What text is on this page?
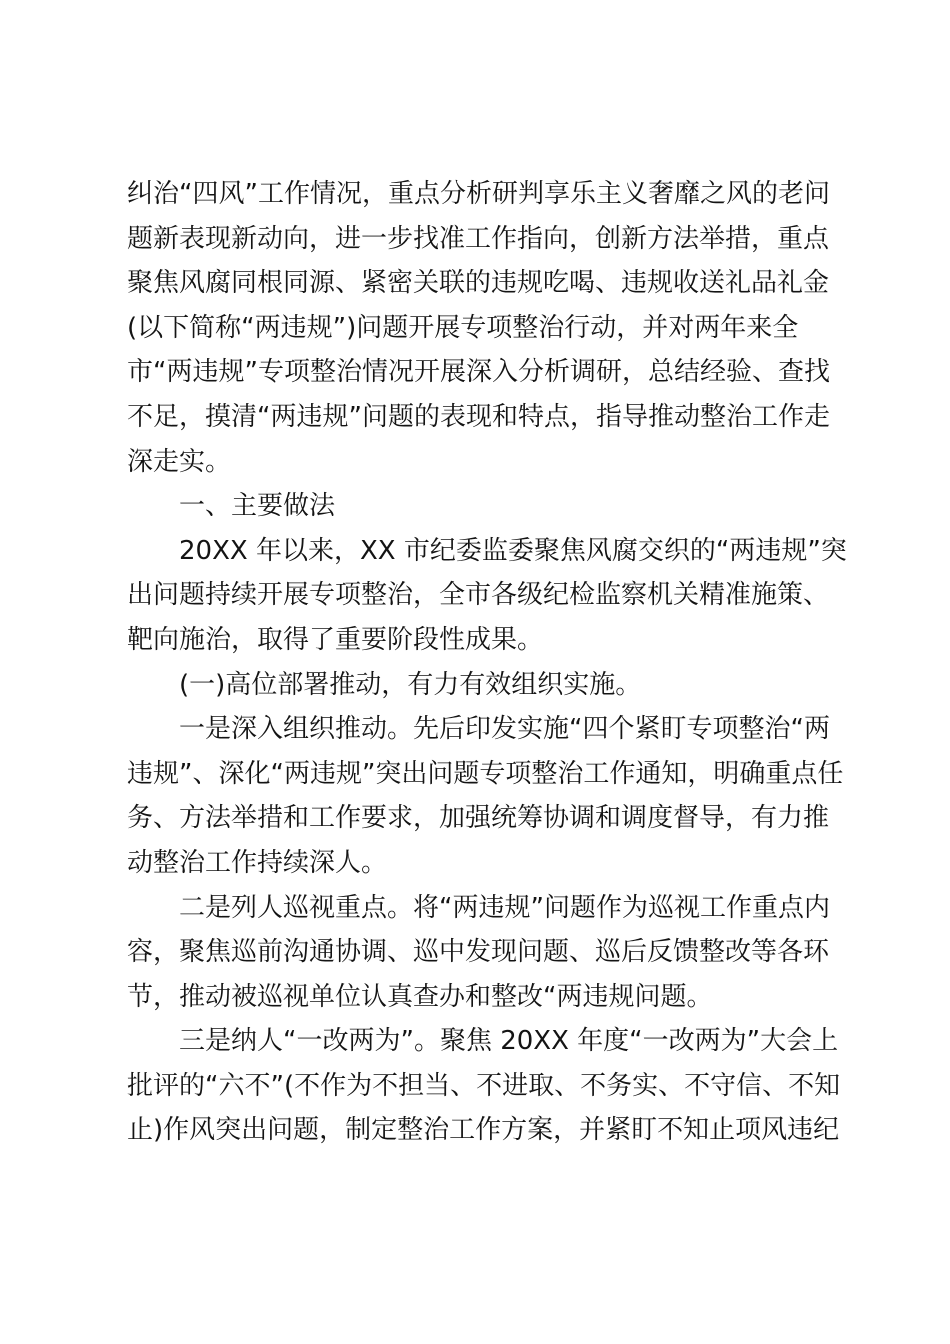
纠治“四风”工作情况，重点分析研判享乐主义奢靡之风的老问
题新表现新动向，进一步找准工作指向，创新方法举措，重点
聚焦风腐同根同源、紧密关联的违规吃喝、违规收送礼品礼金
(以下简称“两违规”)问题开展专项整治行动，并对两年来全
市“两违规”专项整治情况开展深入分析调研，总结经验、查找
不足，摸清“两违规”问题的表现和特点，指导推动整治工作走
深走实。
一、主要做法
20XX 年以来，XX 市纪委监委聚焦风腐交织的“两违规”突
出问题持续开展专项整治，全市各级纪检监察机关精准施策、
靶向施治，取得了重要阶段性成果。
(一)高位部署推动，有力有效组织实施。
一是深入组织推动。先后印发实施“四个紧盯专项整治“两
违规”、深化“两违规”突出问题专项整治工作通知，明确重点任
务、方法举措和工作要求，加强统筹协调和调度督导，有力推
动整治工作持续深人。
二是列人巡视重点。将“两违规”问题作为巡视工作重点内
容，聚焦巡前沟通协调、巡中发现问题、巡后反馈整改等各环
节，推动被巡视单位认真查办和整改“两违规问题。
三是纳人“一改两为”。聚焦 20XX 年度“一改两为”大会上
批评的“六不”(不作为不担当、不进取、不务实、不守信、不知
止)作风突出问题，制定整治工作方案，并紧盯不知止项风违纪
